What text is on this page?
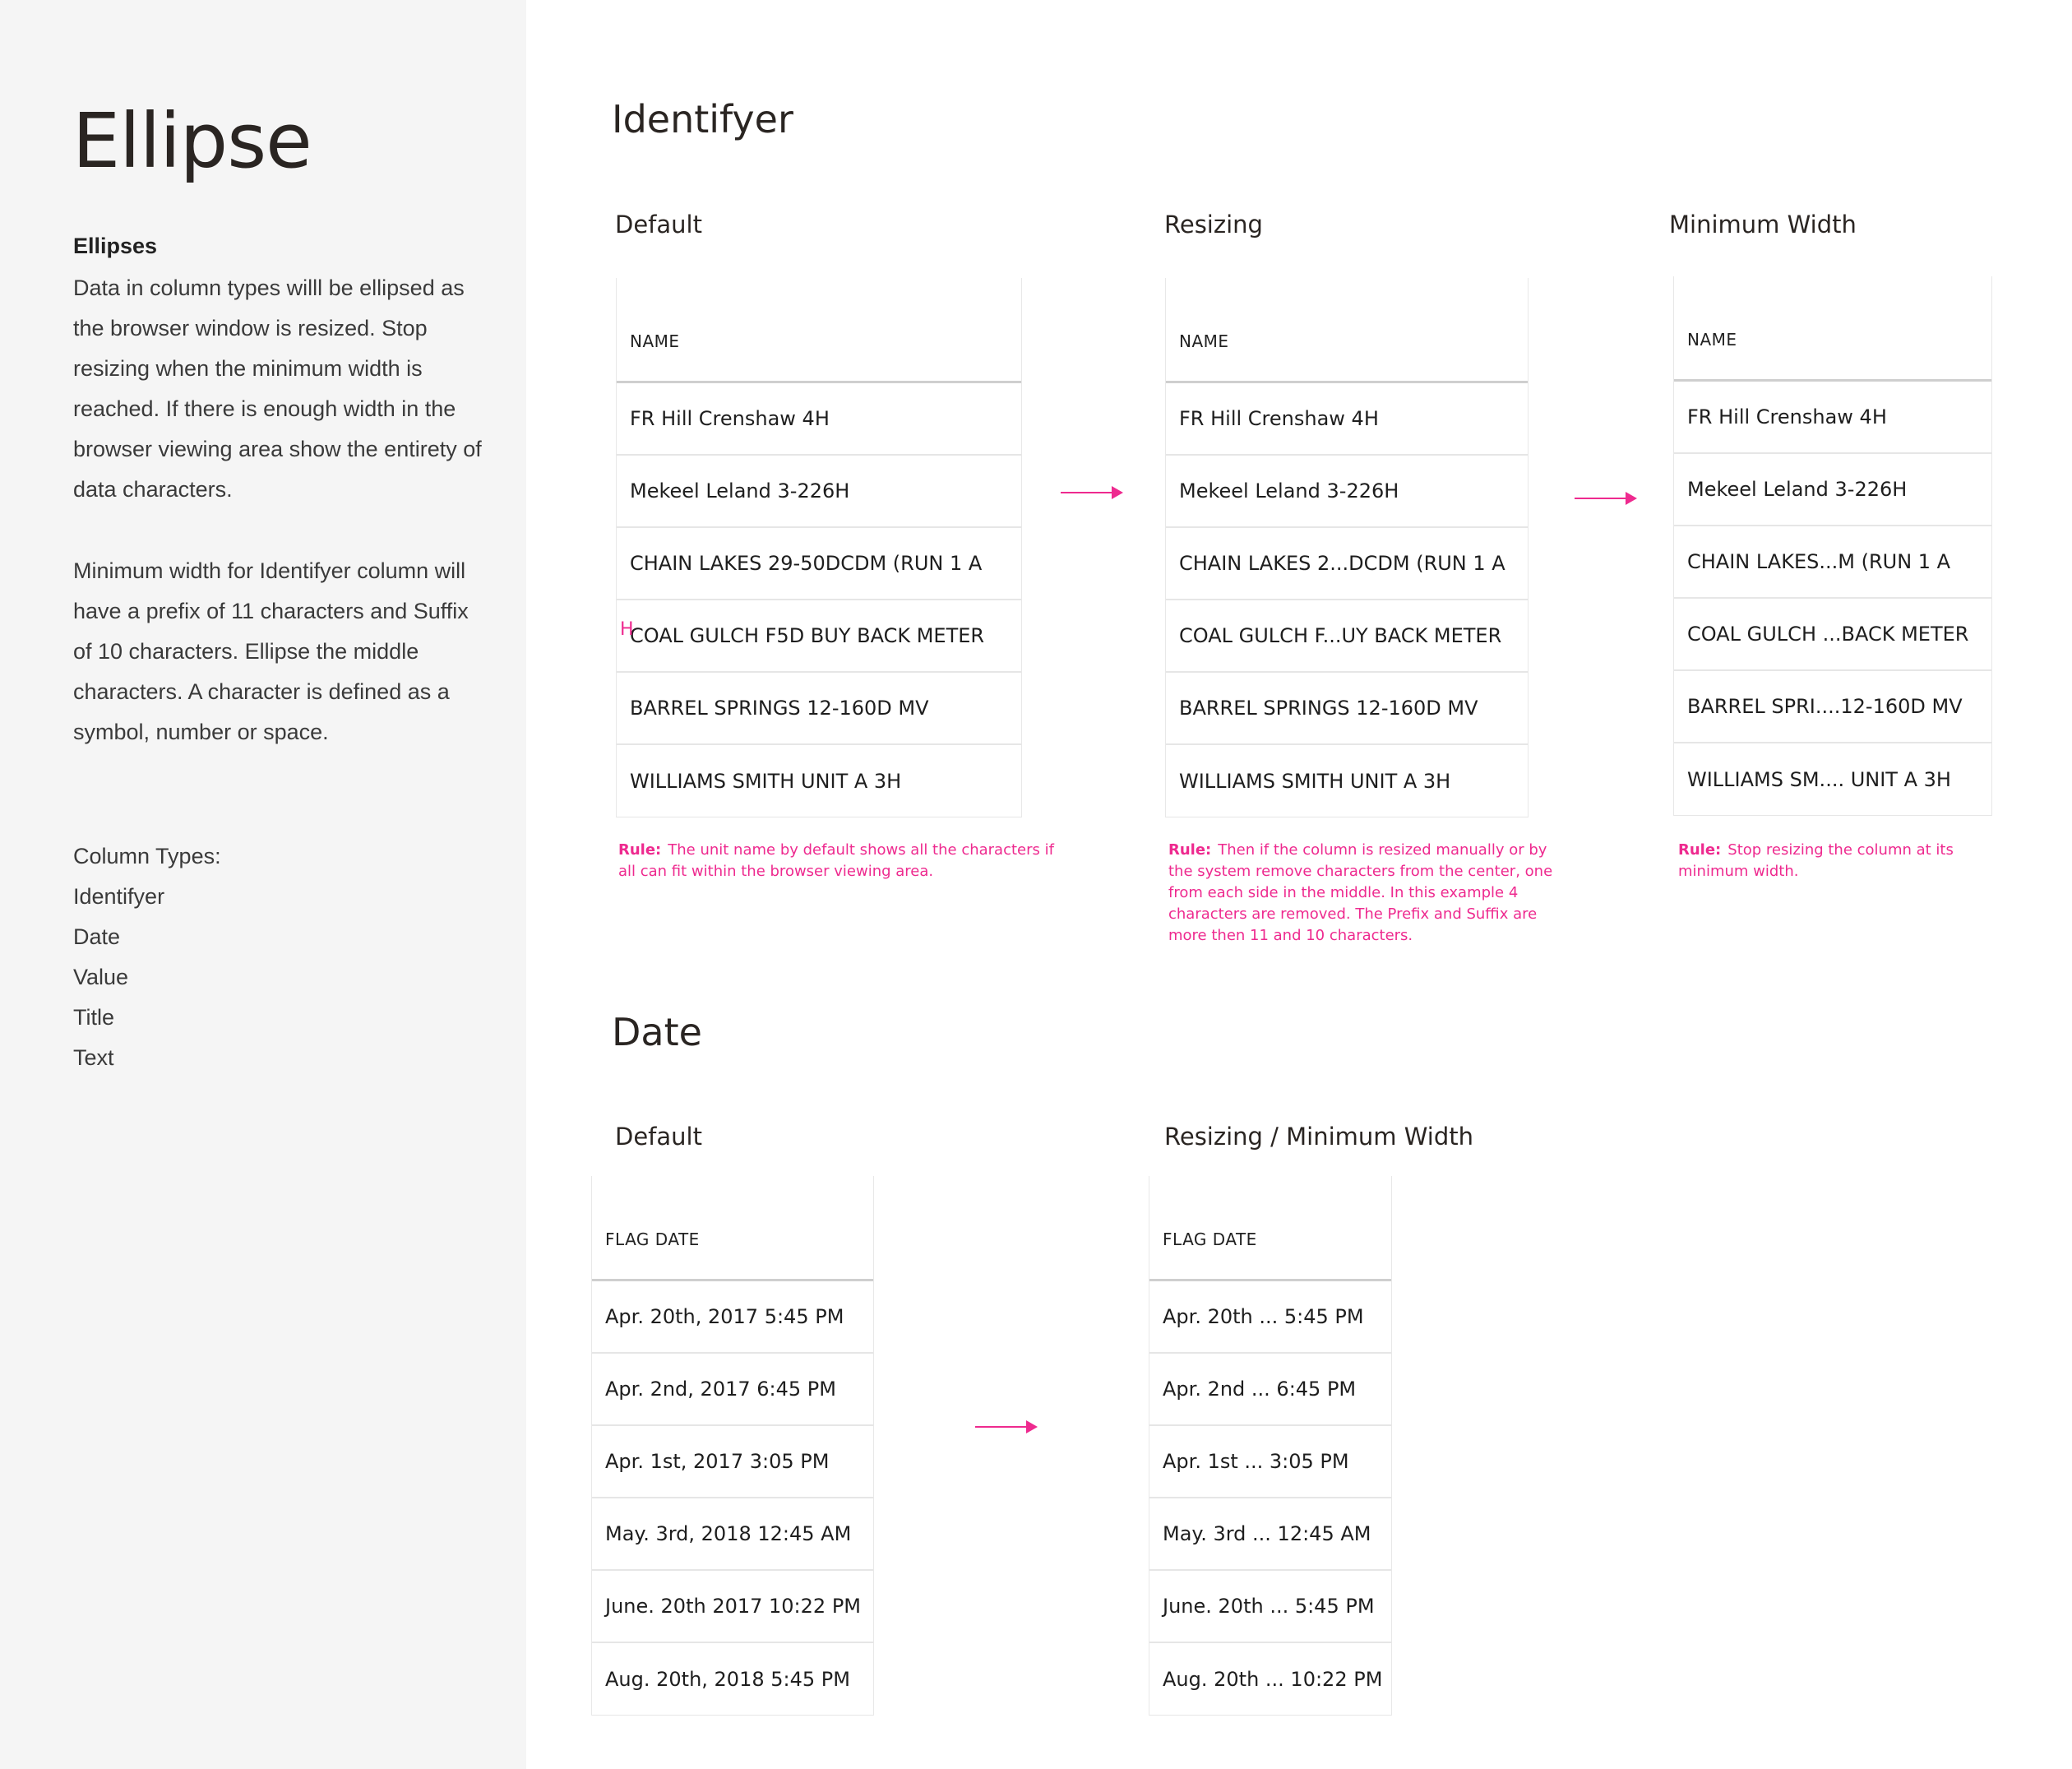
Ellipse
Ellipses

Data in column types willl be ellipsed as the browser window is resized. Stop resizing when the minimum width is reached. If there is enough width in the browser viewing area show the entirety of data characters.

Minimum width for Identifyer column will have a prefix of 11 characters and Suffix of 10 characters. Ellipse the middle characters. A character is defined as a symbol, number or space.

Column Types:

Identifyer
Date
Value
Title
Text
Identifyer
Default	Resizing	Minimum Width
NAME
FR Hill Crenshaw 4H
Mekeel Leland 3-226H
CHAIN LAKES 29-50DCDM (RUN 1 A
COAL GULCH F5D BUY BACK METER
BARREL SPRINGS 12-160D MV
WILLIAMS SMITH UNIT A 3H
H
NAME
FR Hill Crenshaw 4H
Mekeel Leland 3-226H
CHAIN LAKES 2...DCDM (RUN 1 A
COAL GULCH F...UY BACK METER
BARREL SPRINGS 12-160D MV
WILLIAMS SMITH UNIT A 3H
NAME
FR Hill Crenshaw 4H
Mekeel Leland 3-226H
CHAIN LAKES...M (RUN 1 A
COAL GULCH ...BACK METER
BARREL SPRI....12-160D MV
WILLIAMS SM.... UNIT A 3H

Rule: The unit name by default shows all the characters if all can fit within the browser viewing area.

Rule: Then if the column is resized manually or by the system remove characters from the center, one from each side in the middle. In this example 4 characters are removed. The Prefix and Suffix are more then 11 and 10 characters.

Rule: Stop resizing the column at its minimum width.

Date
Default	Resizing / Minimum Width
FLAG DATE
Apr. 20th, 2017 5:45 PM
Apr. 2nd, 2017 6:45 PM
Apr. 1st, 2017 3:05 PM
May. 3rd, 2018 12:45 AM
June. 20th 2017 10:22 PM
Aug. 20th, 2018 5:45 PM
FLAG DATE
Apr. 20th ... 5:45 PM
Apr. 2nd ... 6:45 PM
Apr. 1st ... 3:05 PM
May. 3rd ... 12:45 AM
June. 20th ... 5:45 PM
Aug. 20th ... 10:22 PM
